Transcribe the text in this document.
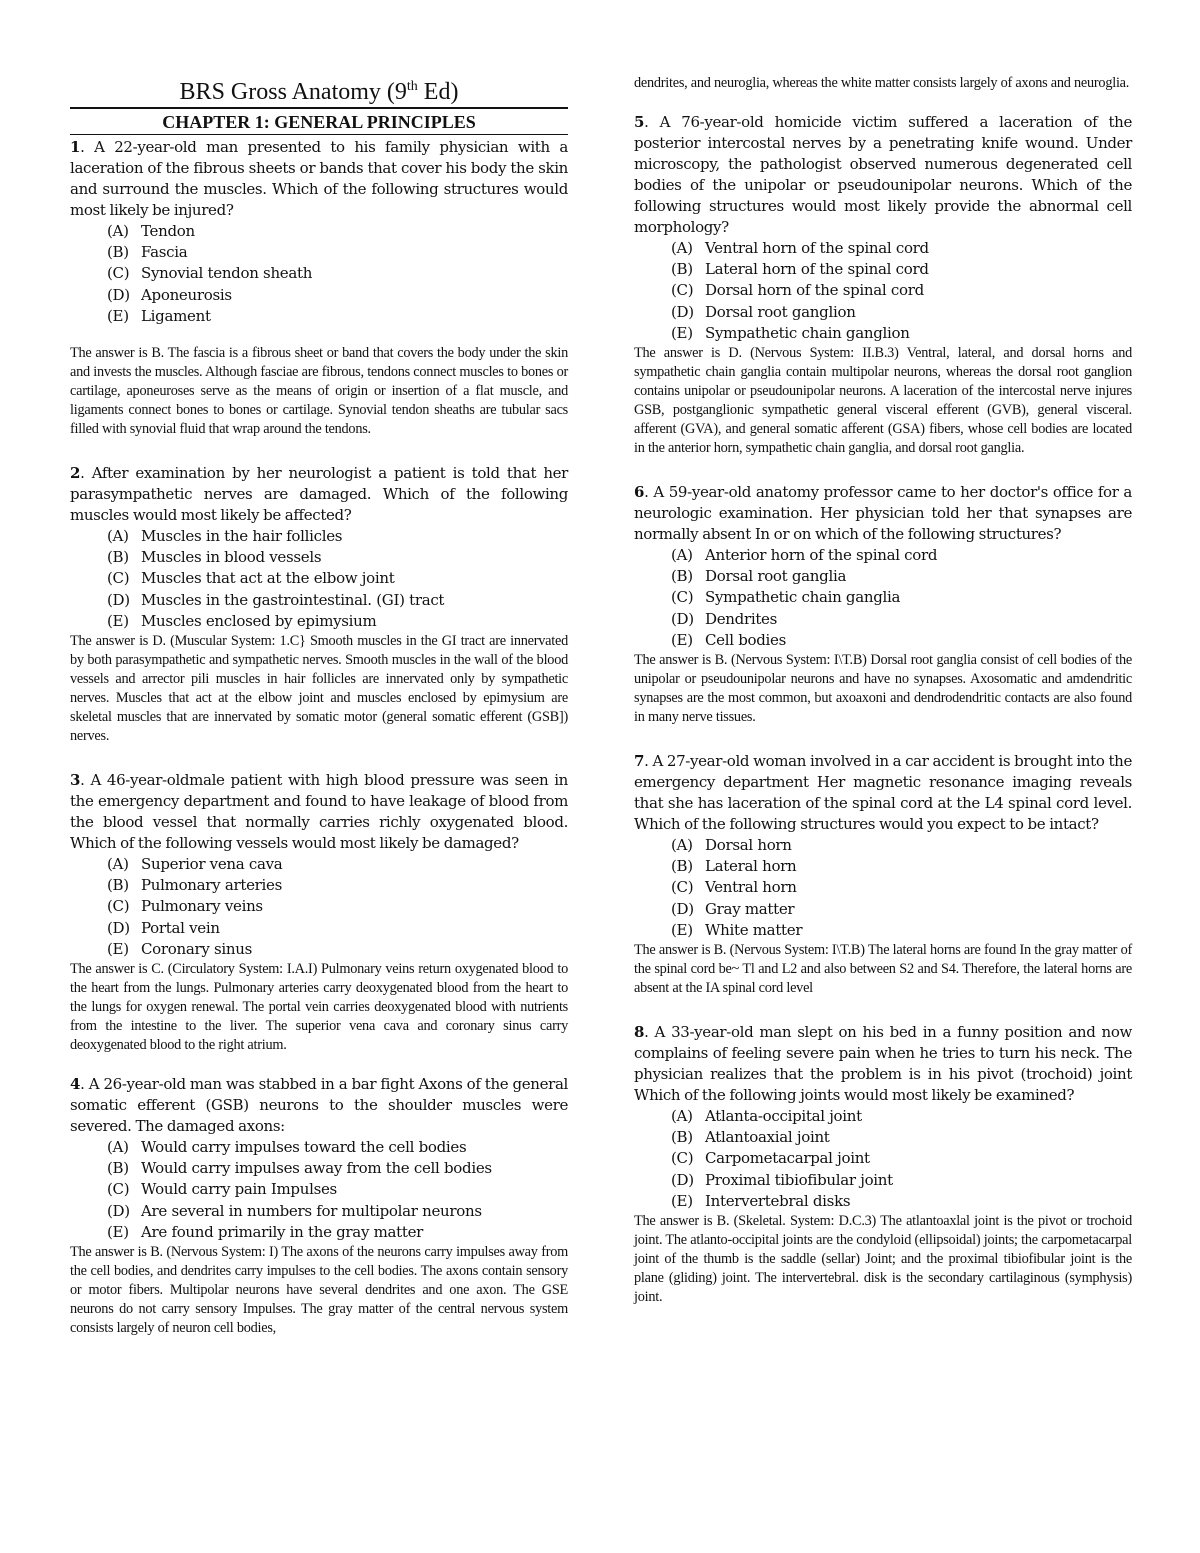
BRS Gross Anatomy (9th Ed)
CHAPTER 1: GENERAL PRINCIPLES

1. A 22-year-old man presented to his family physician with a laceration of the fibrous sheets or bands that cover his body the skin and surround the muscles. Which of the following structures would most likely be injured?

(A) Tendon
(B) Fascia
(C) Synovial tendon sheath
(D) Aponeurosis
(E) Ligament

The answer is B. The fascia is a fibrous sheet or band that covers the body under the skin and invests the muscles. Although fasciae are fibrous, tendons connect muscles to bones or cartilage, aponeuroses serve as the means of origin or insertion of a flat muscle, and ligaments connect bones to bones or cartilage. Synovial tendon sheaths are tubular sacs filled with synovial fluid that wrap around the tendons.

2. After examination by her neurologist a patient is told that her parasympathetic nerves are damaged. Which of the following muscles would most likely be affected?

(A) Muscles in the hair follicles
(B) Muscles in blood vessels
(C) Muscles that act at the elbow joint
(D) Muscles in the gastrointestinal. (GI) tract
(E) Muscles enclosed by epimysium

The answer is D. (Muscular System: 1.C} Smooth muscles in the GI tract are innervated by both parasympathetic and sympathetic nerves. Smooth muscles in the wall of the blood vessels and arrector pili muscles in hair follicles are innervated only by sympathetic nerves. Muscles that act at the elbow joint and muscles enclosed by epimysium are skeletal muscles that are innervated by somatic motor (general somatic efferent (GSB]) nerves.

3. A 46-year-oldmale patient with high blood pressure was seen in the emergency department and found to have leakage of blood from the blood vessel that normally carries richly oxygenated blood. Which of the following vessels would most likely be damaged?

(A) Superior vena cava
(B) Pulmonary arteries
(C) Pulmonary veins
(D) Portal vein
(E) Coronary sinus

The answer is C. (Circulatory System: I.A.I) Pulmonary veins return oxygenated blood to the heart from the lungs. Pulmonary arteries carry deoxygenated blood from the heart to the lungs for oxygen renewal. The portal vein carries deoxygenated blood with nutrients from the intestine to the liver. The superior vena cava and coronary sinus carry deoxygenated blood to the right atrium.

4. A 26-year-old man was stabbed in a bar fight Axons of the general somatic efferent (GSB) neurons to the shoulder muscles were severed. The damaged axons:

(A) Would carry impulses toward the cell bodies
(B) Would carry impulses away from the cell bodies
(C) Would carry pain Impulses
(D) Are several in numbers for multipolar neurons
(E) Are found primarily in the gray matter

The answer is B. (Nervous System: I) The axons of the neurons carry impulses away from the cell bodies, and dendrites carry impulses to the cell bodies. The axons contain sensory or motor fibers. Multipolar neurons have several dendrites and one axon. The GSE neurons do not carry sensory Impulses. The gray matter of the central nervous system consists largely of neuron cell bodies,

dendrites, and neuroglia, whereas the white matter consists largely of axons and neuroglia.

5. A 76-year-old homicide victim suffered a laceration of the posterior intercostal nerves by a penetrating knife wound. Under microscopy, the pathologist observed numerous degenerated cell bodies of the unipolar or pseudounipolar neurons. Which of the following structures would most likely provide the abnormal cell morphology?

(A) Ventral horn of the spinal cord
(B) Lateral horn of the spinal cord
(C) Dorsal horn of the spinal cord
(D) Dorsal root ganglion
(E) Sympathetic chain ganglion

The answer is D. (Nervous System: II.B.3) Ventral, lateral, and dorsal horns and sympathetic chain ganglia contain multipolar neurons, whereas the dorsal root ganglion contains unipolar or pseudounipolar neurons. A laceration of the intercostal nerve injures GSB, postganglionic sympathetic general visceral efferent (GVB), general visceral. afferent (GVA), and general somatic afferent (GSA) fibers, whose cell bodies are located in the anterior horn, sympathetic chain ganglia, and dorsal root ganglia.

6. A 59-year-old anatomy professor came to her doctor's office for a neurologic examination. Her physician told her that synapses are normally absent In or on which of the following structures?

(A) Anterior horn of the spinal cord
(B) Dorsal root ganglia
(C) Sympathetic chain ganglia
(D) Dendrites
(E) Cell bodies

The answer is B. (Nervous System: I\T.B) Dorsal root ganglia consist of cell bodies of the unipolar or pseudounipolar neurons and have no synapses. Axosomatic and amdendritic synapses are the most common, but axoaxoni and dendrodendritic contacts are also found in many nerve tissues.

7. A 27-year-old woman involved in a car accident is brought into the emergency department Her magnetic resonance imaging reveals that she has laceration of the spinal cord at the L4 spinal cord level. Which of the following structures would you expect to be intact?

(A) Dorsal horn
(B) Lateral horn
(C) Ventral horn
(D) Gray matter
(E) White matter

The answer is B. (Nervous System: I\T.B) The lateral horns are found In the gray matter of the spinal cord be~ Tl and L2 and also between S2 and S4. Therefore, the lateral horns are absent at the IA spinal cord level

8. A 33-year-old man slept on his bed in a funny position and now complains of feeling severe pain when he tries to turn his neck. The physician realizes that the problem is in his pivot (trochoid) joint Which of the following joints would most likely be examined?

(A) Atlanta-occipital joint
(B) Atlantoaxial joint
(C) Carpometacarpal joint
(D) Proximal tibiofibular joint
(E) Intervertebral disks

The answer is B. (Skeletal. System: D.C.3) The atlantoaxlal joint is the pivot or trochoid joint. The atlanto-occipital joints are the condyloid (ellipsoidal) joints; the carpometacarpal joint of the thumb is the saddle (sellar) Joint; and the proximal tibiofibular joint is the plane (gliding) joint. The intervertebral. disk is the secondary cartilaginous (symphysis) joint.
